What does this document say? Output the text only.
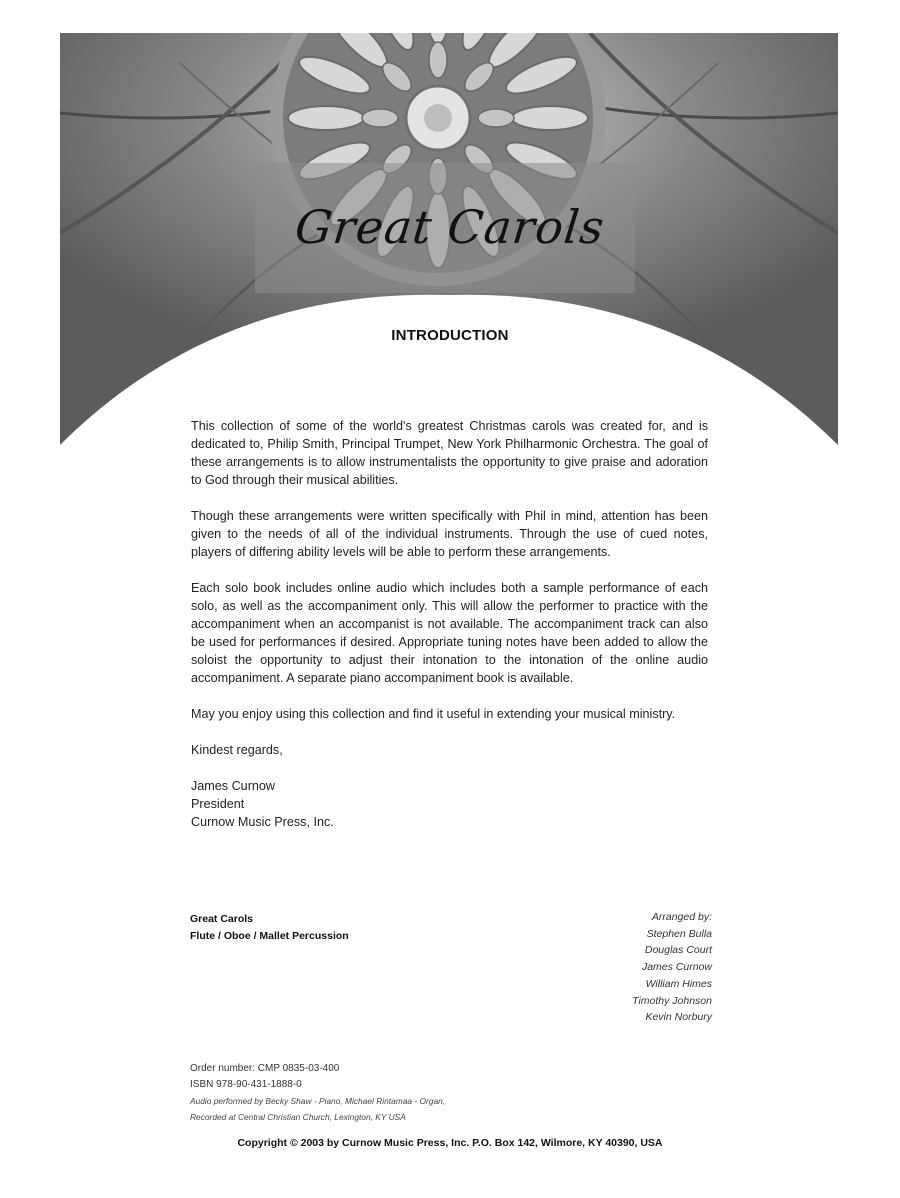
Great Carols
INTRODUCTION

This collection of some of the world's greatest Christmas carols was created for, and is dedicated to, Philip Smith, Principal Trumpet, New York Philharmonic Orchestra. The goal of these arrangements is to allow instrumentalists the opportunity to give praise and adoration to God through their musical abilities.

Though these arrangements were written specifically with Phil in mind, attention has been given to the needs of all of the individual instruments. Through the use of cued notes, players of differing ability levels will be able to perform these arrangements.

Each solo book includes online audio which includes both a sample performance of each solo, as well as the accompaniment only. This will allow the performer to practice with the accompaniment when an accompanist is not available. The accompaniment track can also be used for performances if desired. Appropriate tuning notes have been added to allow the soloist the opportunity to adjust their intonation to the intonation of the online audio accompaniment. A separate piano accompaniment book is available.

May you enjoy using this collection and find it useful in extending your musical ministry.

Kindest regards,

James Curnow
President
Curnow Music Press, Inc.

Great Carols
Flute / Oboe / Mallet Percussion
Arranged by:
Stephen Bulla
Douglas Court
James Curnow
William Himes
Timothy Johnson
Kevin Norbury
Order number: CMP 0835-03-400
ISBN 978-90-431-1888-0
Audio performed by Becky Shaw - Piano, Michael Rintamaa - Organ,
Recorded at Central Christian Church, Lexington, KY USA
Copyright © 2003 by Curnow Music Press, Inc. P.O. Box 142, Wilmore, KY 40390, USA
